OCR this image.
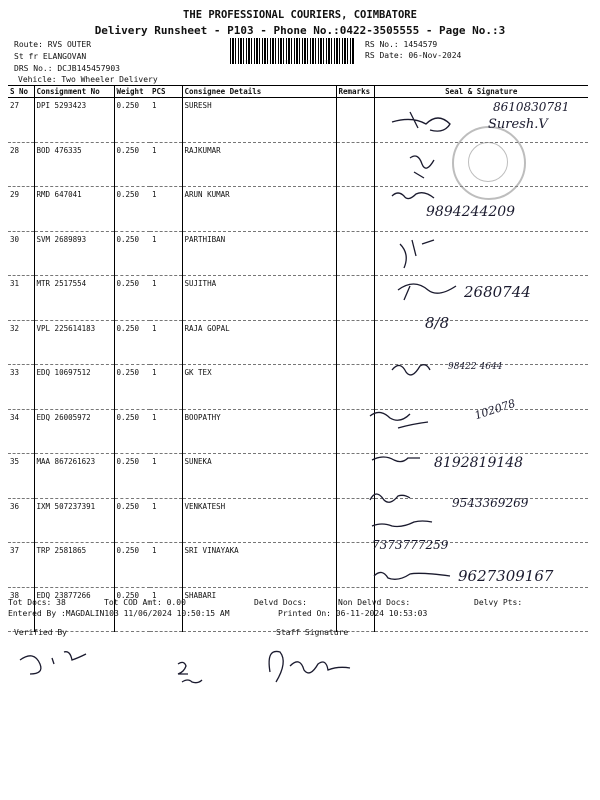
THE PROFESSIONAL COURIERS, COIMBATORE
Delivery Runsheet - P103 - Phone No.:0422-3505555 - Page No.:3
Route: RVS OUTER
St fr ELANGOVAN
DRS No.: DCJB145457903
Vehicle: Two Wheeler Delivery
RS No.: 1454579
RS Date: 06-Nov-2024
S No	Consignment No	Weight	PCS	Consignee Details	Remarks	Seal & Signature
27	DPI 5293423	0.250	1	SURESH		
28	BOD 476335	0.250	1	RAJKUMAR		
29	RMD 647041	0.250	1	ARUN KUMAR		
30	SVM 2689893	0.250	1	PARTHIBAN		
31	MTR 2517554	0.250	1	SUJITHA		
32	VPL 225614183	0.250	1	RAJA GOPAL		
33	EDQ 10697512	0.250	1	GK TEX		
34	EDQ 26005972	0.250	1	BOOPATHY		
35	MAA 867261623	0.250	1	SUNEKA		
36	IXM 507237391	0.250	1	VENKATESH		
37	TRP 2581865	0.250	1	SRI VINAYAKA		
38	EDQ 23877266	0.250	1	SHABARI		
8610830781
Suresh.V
9894244209
2680744
8/8
98422 4644
102078
8192819148
9543369269
7373777259
9627309167
Tot Docs: 38	Tot COD Amt: 0.00	Delvd Docs:	Non Delvd Docs:	Delvy Pts:
Entered By :MAGDALIN103 11/06/2024 10:50:15 AM	Printed On: 06-11-2024 10:53:03
Verified By	Staff Signature
